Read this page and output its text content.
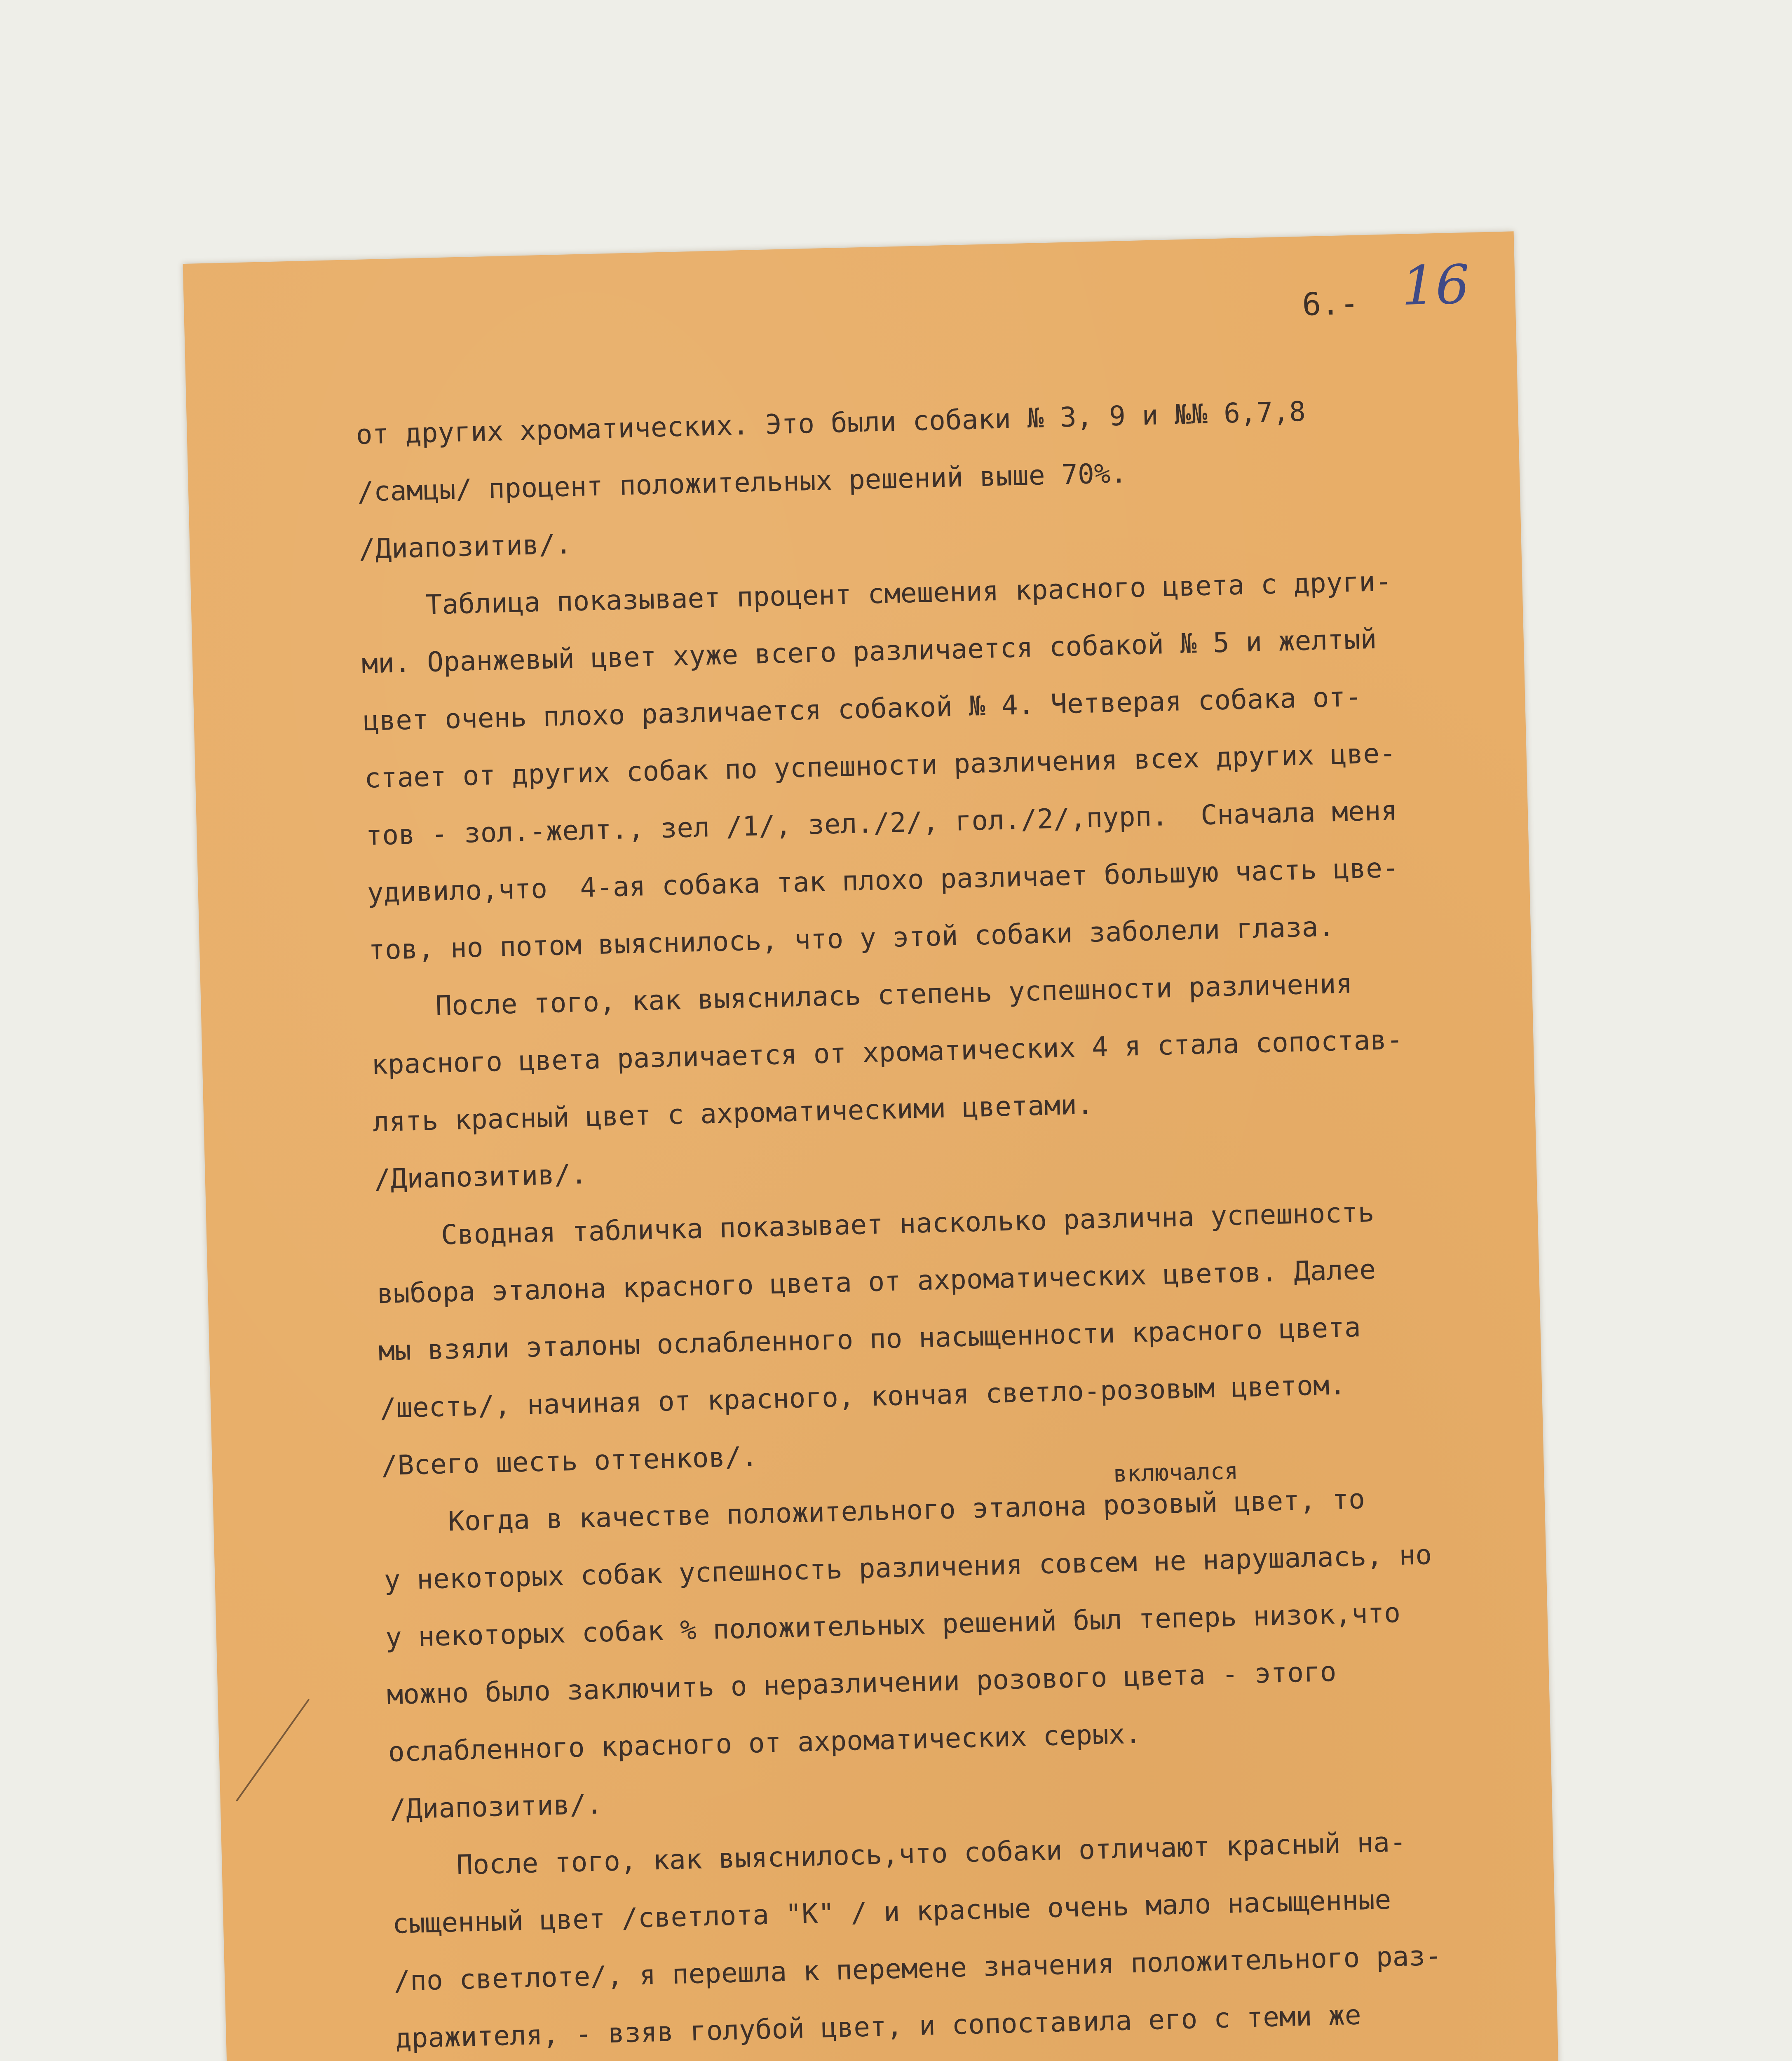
6.- 16
от других хроматических. Это были собаки № 3, 9 и №№ 6,7,8
/самцы/ процент положительных решений выше 70%.
/Диапозитив/.
Таблица показывает процент смешения красного цвета с други-
ми. Оранжевый цвет хуже всего различается собакой № 5 и желтый
цвет очень плохо различается собакой № 4. Четверая собака от-
стает от других собак по успешности различения всех других цве-
тов - зол.-желт., зел /1/, зел./2/, гол./2/,пурп.  Сначала меня
удивило,что  4-ая собака так плохо различает большую часть цве-
тов, но потом выяснилось, что у этой собаки заболели глаза.
После того, как выяснилась степень успешности различения
красного цвета различается от хроматических 4 я стала сопостав-
лять красный цвет с ахроматическими цветами.
/Диапозитив/.
Сводная табличка показывает насколько различна успешность
выбора эталона красного цвета от ахроматических цветов. Далее
мы взяли эталоны ослабленного по насыщенности красного цвета
/шесть/, начиная от красного, кончая светло-розовым цветом.
/Всего шесть оттенков/.	включался
Когда в качестве положительного эталона розовый цвет, то
у некоторых собак успешность различения совсем не нарушалась, но
у некоторых собак % положительных решений был теперь низок,что
можно было заключить о неразличении розового цвета - этого
ослабленного красного от ахроматических серых.
/Диапозитив/.
После того, как выяснилось,что собаки отличают красный на-
сыщенный цвет /светлота "К" / и красные очень мало насыщенные
/по светлоте/, я перешла к перемене значения положительного раз-
дражителя, - взяв голубой цвет, и сопоставила его с теми же
